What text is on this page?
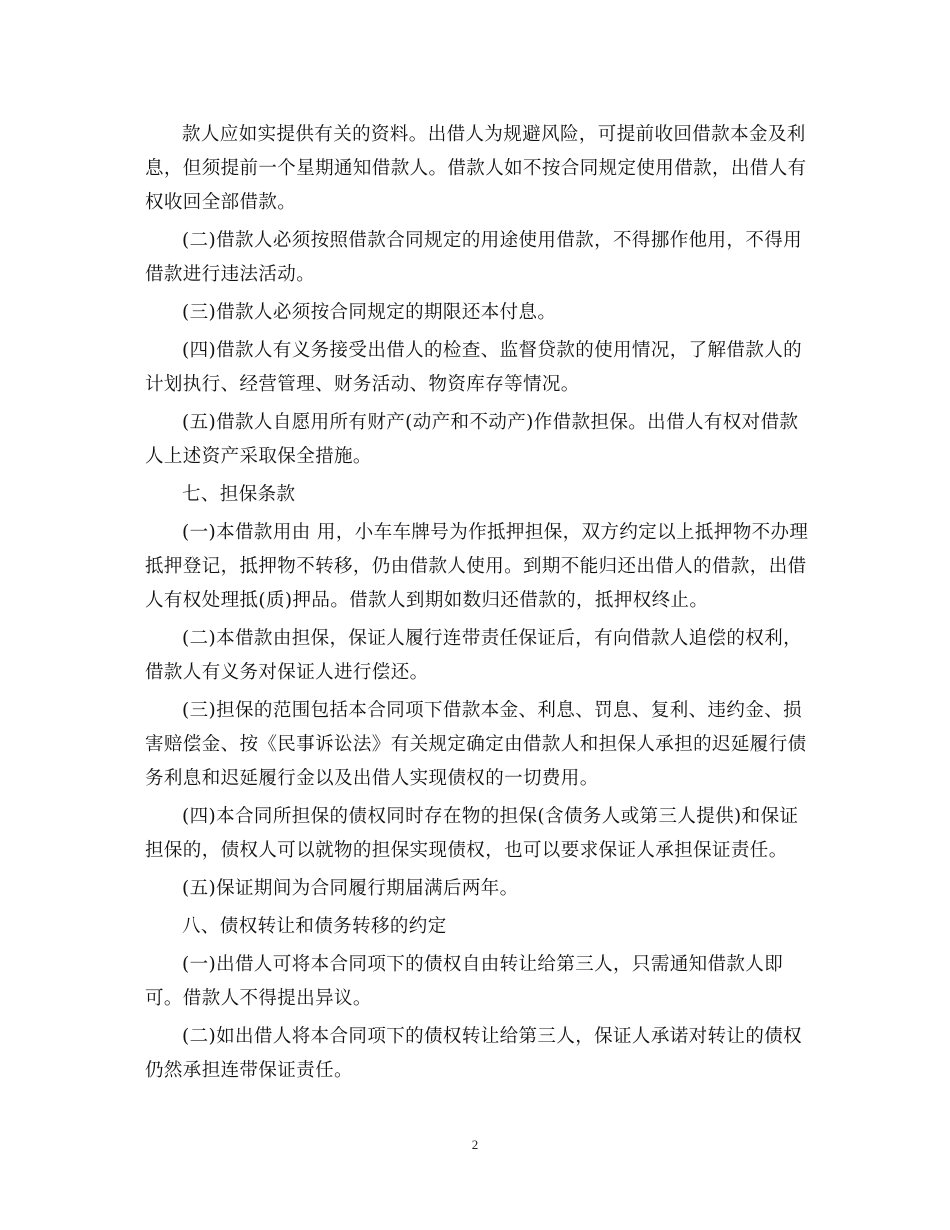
款人应如实提供有关的资料。出借人为规避风险，可提前收回借款本金及利息，但须提前一个星期通知借款人。借款人如不按合同规定使用借款，出借人有权收回全部借款。

(二)借款人必须按照借款合同规定的用途使用借款，不得挪作他用，不得用借款进行违法活动。

(三)借款人必须按合同规定的期限还本付息。

(四)借款人有义务接受出借人的检查、监督贷款的使用情况，了解借款人的计划执行、经营管理、财务活动、物资库存等情况。

(五)借款人自愿用所有财产(动产和不动产)作借款担保。出借人有权对借款人上述资产采取保全措施。

七、担保条款

(一)本借款用由 用，小车车牌号为作抵押担保，双方约定以上抵押物不办理抵押登记，抵押物不转移，仍由借款人使用。到期不能归还出借人的借款，出借人有权处理抵(质)押品。借款人到期如数归还借款的，抵押权终止。

(二)本借款由担保，保证人履行连带责任保证后，有向借款人追偿的权利，借款人有义务对保证人进行偿还。

(三)担保的范围包括本合同项下借款本金、利息、罚息、复利、违约金、损害赔偿金、按《民事诉讼法》有关规定确定由借款人和担保人承担的迟延履行债务利息和迟延履行金以及出借人实现债权的一切费用。

(四)本合同所担保的债权同时存在物的担保(含债务人或第三人提供)和保证担保的，债权人可以就物的担保实现债权，也可以要求保证人承担保证责任。

(五)保证期间为合同履行期届满后两年。

八、债权转让和债务转移的约定

(一)出借人可将本合同项下的债权自由转让给第三人，只需通知借款人即可。借款人不得提出异议。

(二)如出借人将本合同项下的债权转让给第三人，保证人承诺对转让的债权仍然承担连带保证责任。

2
